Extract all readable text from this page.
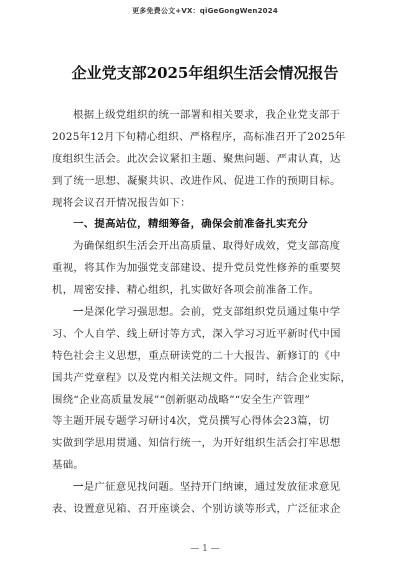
更多免费公文+VX：qiGeGongWen2024
企业党支部2025年组织生活会情况报告
根据上级党组织的统一部署和相关要求，我企业党支部于
2025年12月下旬精心组织、严格程序，高标准召开了2025年
度组织生活会。此次会议紧扣主题、聚焦问题、严肃认真，达
到了统一思想、凝聚共识、改进作风、促进工作的预期目标。
现将会议召开情况报告如下：
一、提高站位，精细筹备，确保会前准备扎实充分
为确保组织生活会开出高质量、取得好成效，党支部高度
重视，将其作为加强党支部建设、提升党员党性修养的重要契
机，周密安排、精心组织，扎实做好各项会前准备工作。
一是深化学习强思想。会前，党支部组织党员通过集中学
习、个人自学、线上研讨等方式，深入学习习近平新时代中国
特色社会主义思想，重点研读党的二十大报告、新修订的《中
国共产党章程》以及党内相关法规文件。同时，结合企业实际，
围绕“企业高质量发展”“创新驱动战略”“安全生产管理”
等主题开展专题学习研讨4次，党员撰写心得体会23篇，切
实做到学思用贯通、知信行统一，为开好组织生活会打牢思想
基础。
一是广征意见找问题。坚持开门纳谏，通过发放征求意见
表、设置意见箱、召开座谈会、个别访谈等形式，广泛征求企
— 1 —
